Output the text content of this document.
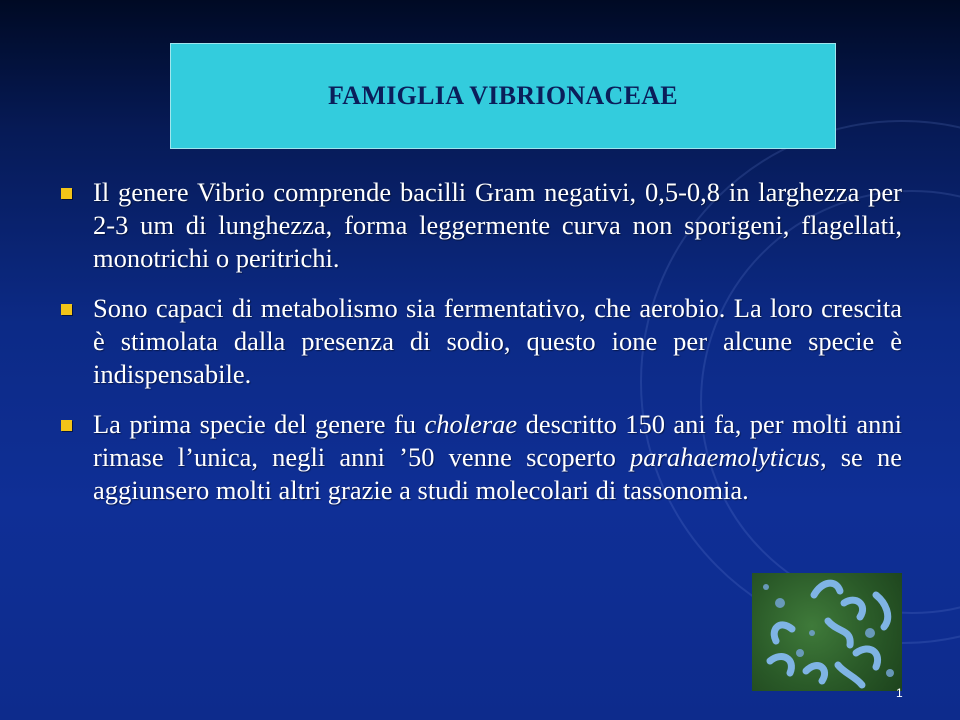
FAMIGLIA VIBRIONACEAE
Il genere Vibrio comprende bacilli Gram negativi, 0,5-0,8 in larghezza per 2-3 um di lunghezza, forma leggermente curva non sporigeni, flagellati, monotrichi o peritrichi.
Sono capaci di metabolismo sia fermentativo, che aerobio. La loro crescita è stimolata dalla presenza di sodio, questo ione per alcune specie è indispensabile.
La prima specie del genere fu cholerae descritto 150 ani fa, per molti anni rimase l’unica, negli anni ’50 venne scoperto parahaemolyticus, se ne aggiunsero molti altri grazie a studi molecolari di tassonomia.
1
